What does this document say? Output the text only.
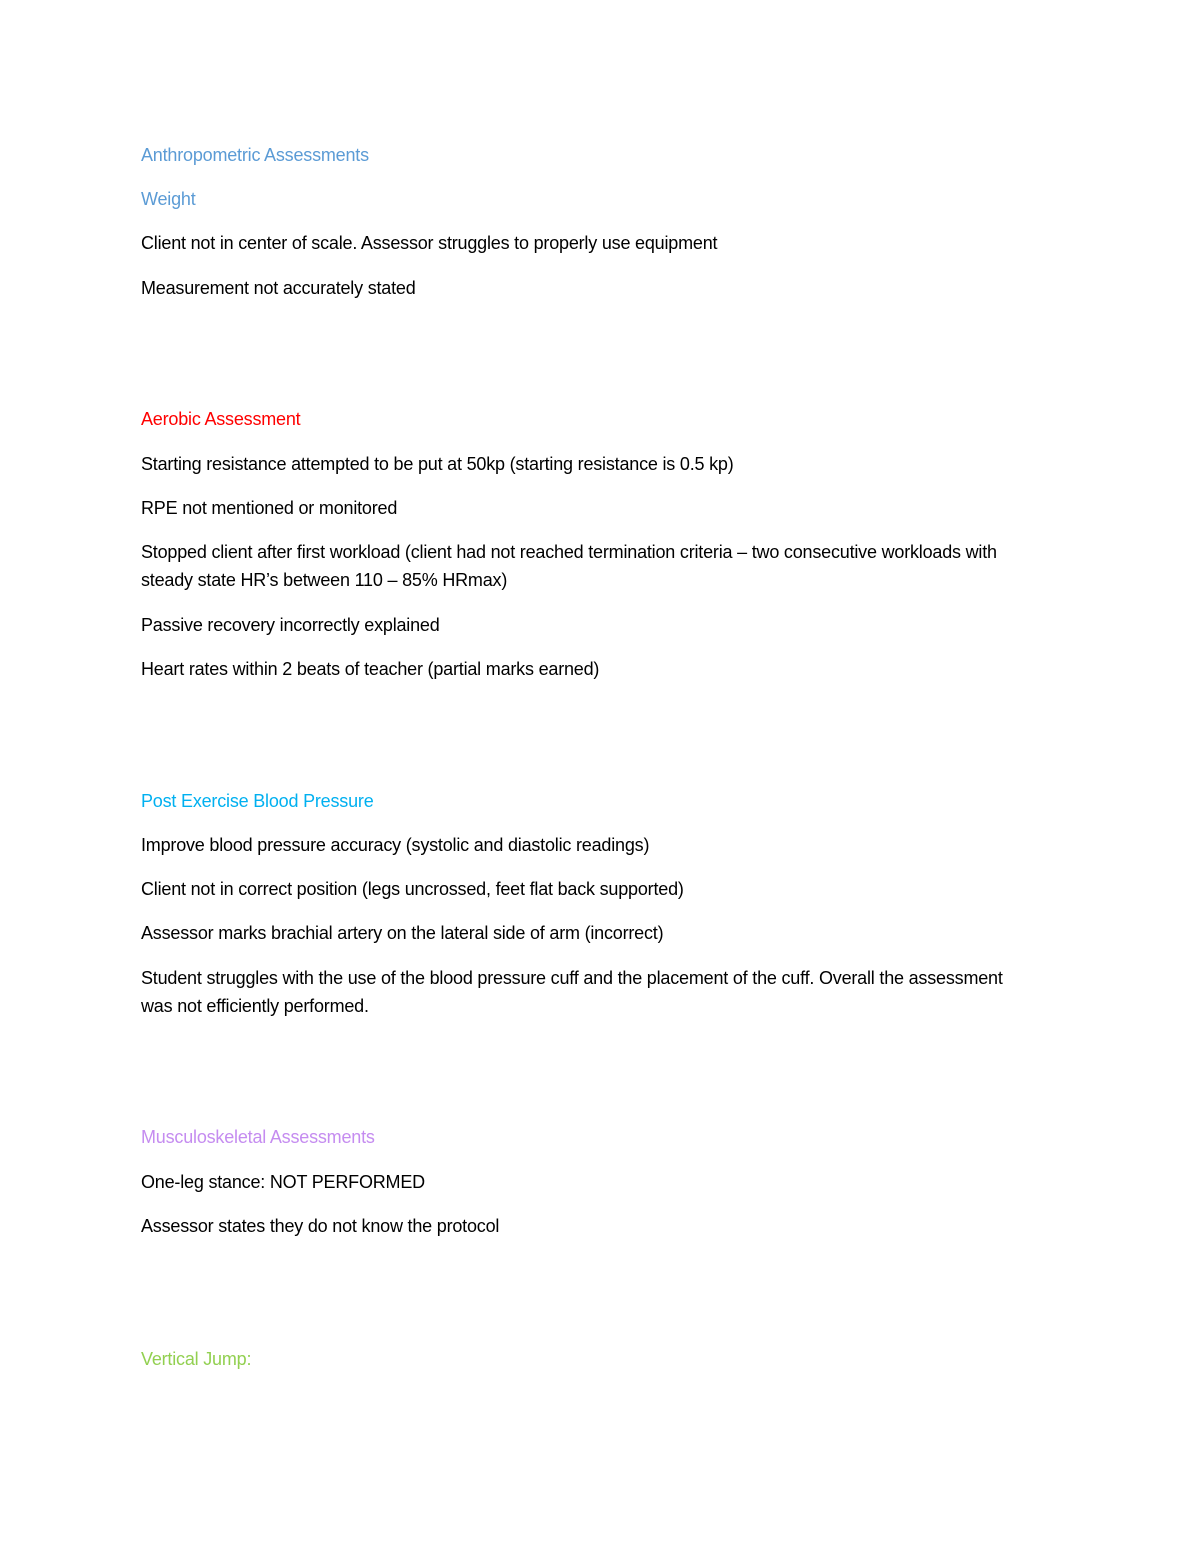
Anthropometric Assessments
Weight
Client not in center of scale. Assessor struggles to properly use equipment
Measurement not accurately stated
Aerobic Assessment
Starting resistance attempted to be put at 50kp (starting resistance is 0.5 kp)
RPE not mentioned or monitored
Stopped client after first workload (client had not reached termination criteria – two consecutive workloads with steady state HR’s between 110 – 85% HRmax)
Passive recovery incorrectly explained
Heart rates within 2 beats of teacher (partial marks earned)
Post Exercise Blood Pressure
Improve blood pressure accuracy (systolic and diastolic readings)
Client not in correct position (legs uncrossed, feet flat back supported)
Assessor marks brachial artery on the lateral side of arm (incorrect)
Student struggles with the use of the blood pressure cuff and the placement of the cuff. Overall the assessment was not efficiently performed.
Musculoskeletal Assessments
One-leg stance: NOT PERFORMED
Assessor states they do not know the protocol
Vertical Jump:
